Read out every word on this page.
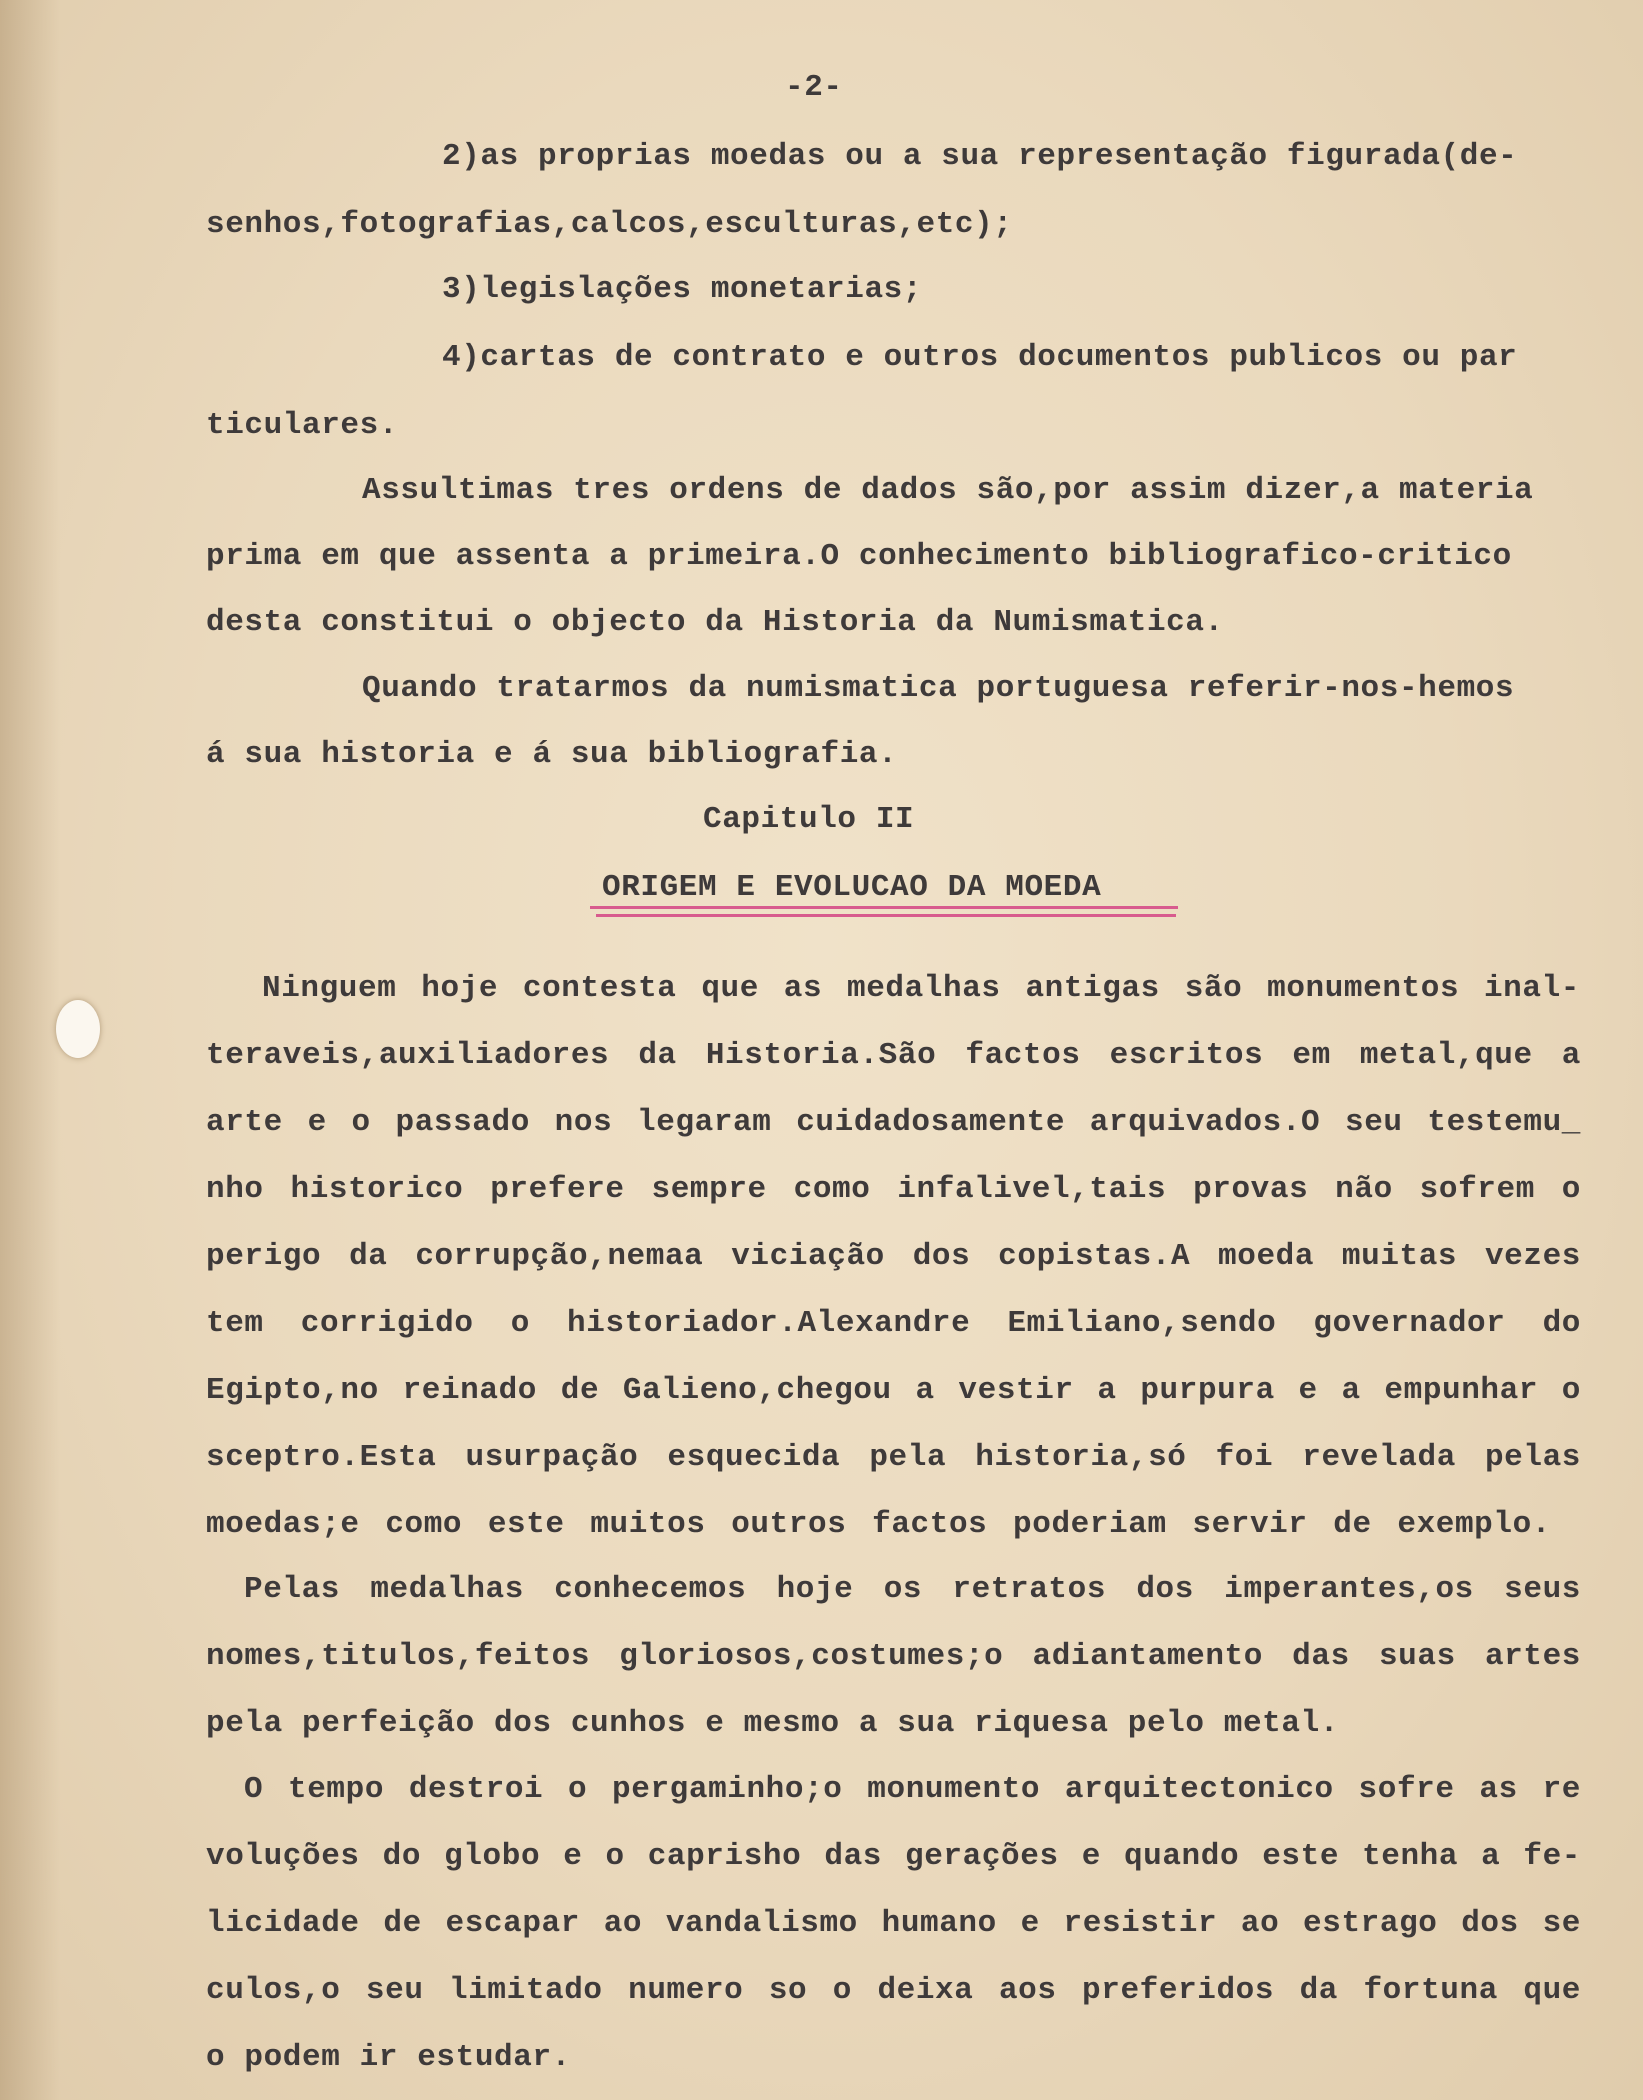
-2-
2)as proprias moedas ou a sua representação figurada(de-
senhos,fotografias,calcos,esculturas,etc);
3)legislações monetarias;
4)cartas de contrato e outros documentos publicos ou par
ticulares.
Assultimas tres ordens de dados são,por assim dizer,a materia
prima em que assenta a primeira.O conhecimento bibliografico-critico
desta constitui o objecto da Historia da Numismatica.
Quando tratarmos da numismatica portuguesa referir-nos-hemos
á sua historia e á sua bibliografia.
Capitulo II
ORIGEM E EVOLUCAO DA MOEDA
Ninguem hoje contesta que as medalhas antigas são monumentos inal-
teraveis,auxiliadores da Historia.São factos escritos em metal,que a
arte e o passado nos legaram cuidadosamente arquivados.O seu testemu_
nho historico prefere sempre como infalivel,tais provas não sofrem o
perigo da corrupção,nemaa viciação dos copistas.A moeda muitas vezes
tem corrigido o historiador.Alexandre Emiliano,sendo governador do
Egipto,no reinado de Galieno,chegou a vestir a purpura e a empunhar o
sceptro.Esta usurpação esquecida pela historia,só foi revelada pelas
moedas;e como este muitos outros factos poderiam servir de exemplo.
Pelas medalhas conhecemos hoje os retratos dos imperantes,os seus
nomes,titulos,feitos gloriosos,costumes;o adiantamento das suas artes
pela perfeição dos cunhos e mesmo a sua riquesa pelo metal.
O tempo destroi o pergaminho;o monumento arquitectonico sofre as re
voluções do globo e o caprisho das gerações e quando este tenha a fe-
licidade de escapar ao vandalismo humano e resistir ao estrago dos se
culos,o seu limitado numero so o deixa aos preferidos da fortuna que
o podem ir estudar.
